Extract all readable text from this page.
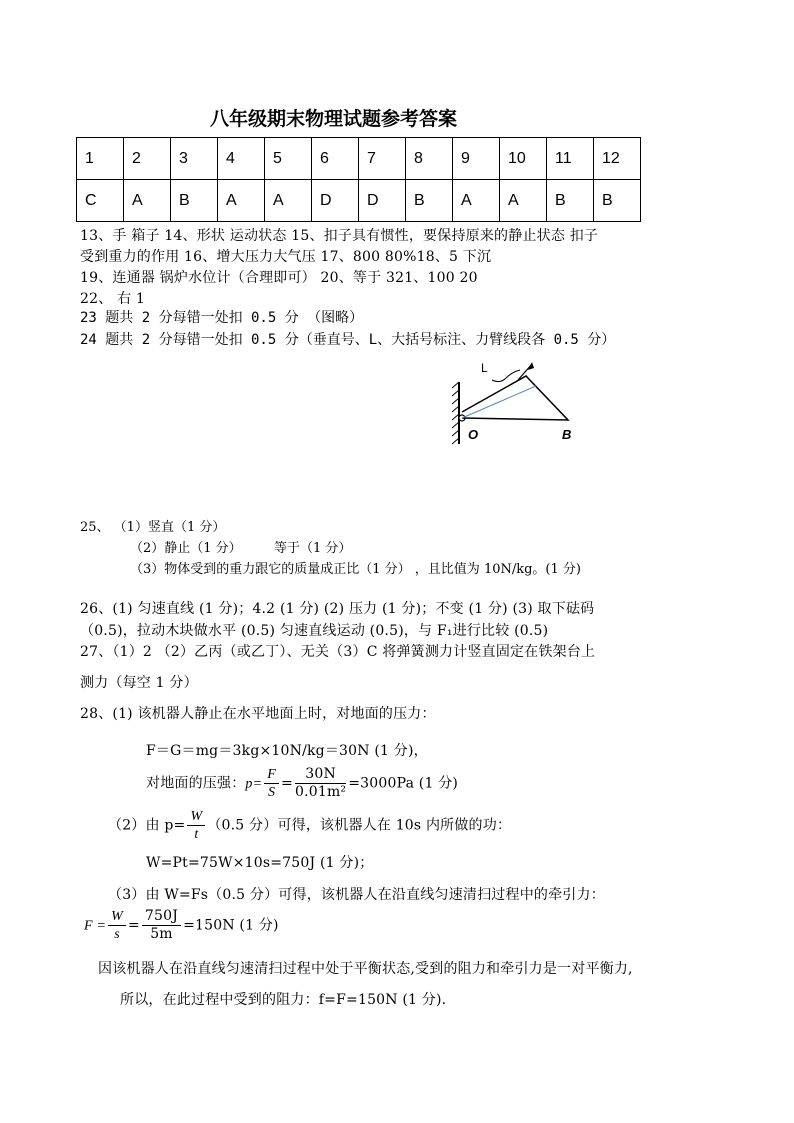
八年级期末物理试题参考答案
1	2	3	4	5	6	7	8	9	10	11	12
C	A	B	A	A	D	D	B	A	A	B	B
13、手 箱子 14、形状 运动状态 15、扣子具有惯性，要保持原来的静止状态 扣子
受到重力的作用 16、增大压力大气压 17、800 80%18、5 下沉
19、连通器 锅炉水位计（合理即可） 20、等于 321、100 20
22、 右 1
23 题共 2 分每错一处扣 0.5 分 （图略）
24 题共 2 分每错一处扣 0.5 分（垂直号、L、大括号标注、力臂线段各 0.5 分）
L
O	B
25、 （1）竖直（1 分）
（2）静止（1 分） 等于（1 分）
（3）物体受到的重力跟它的质量成正比（1 分） ，且比值为 10N/kg。(1 分)
26、(1) 匀速直线 (1 分)；4.2 (1 分) (2) 压力 (1 分)；不变 (1 分) (3) 取下砝码
（0.5)，拉动木块做水平 (0.5) 匀速直线运动 (0.5)，与 F₁进行比较 (0.5)
27、（1）2 （2）乙丙（或乙丁）、无关（3）C 将弹簧测力计竖直固定在铁架台上
测力（每空 1 分）
28、(1) 该机器人静止在水平地面上时，对地面的压力：
F＝G＝mg＝3kg×10N/kg＝30N (1 分)，
对地面的压强：$p= \frac{F}{S} = \frac{30N}{\text{0.01m²}} =3000Pa$ (1 分)
（2）由 $p= \frac{W}{t} (0.5$ 分）可得，该机器人在 10s 内所做的功：
W=Pt=75W×10s=750J (1 分)；
（3）由 W=Fs（0.5 分）可得，该机器人在沿直线匀速清扫过程中的牵引力：
$F = \frac{W}{s} = \frac{750J}{5m} =150N$ (1 分)
因该机器人在沿直线匀速清扫过程中处于平衡状态,受到的阻力和牵引力是一对平衡力,
所以，在此过程中受到的阻力：f=F=150N (1 分).
